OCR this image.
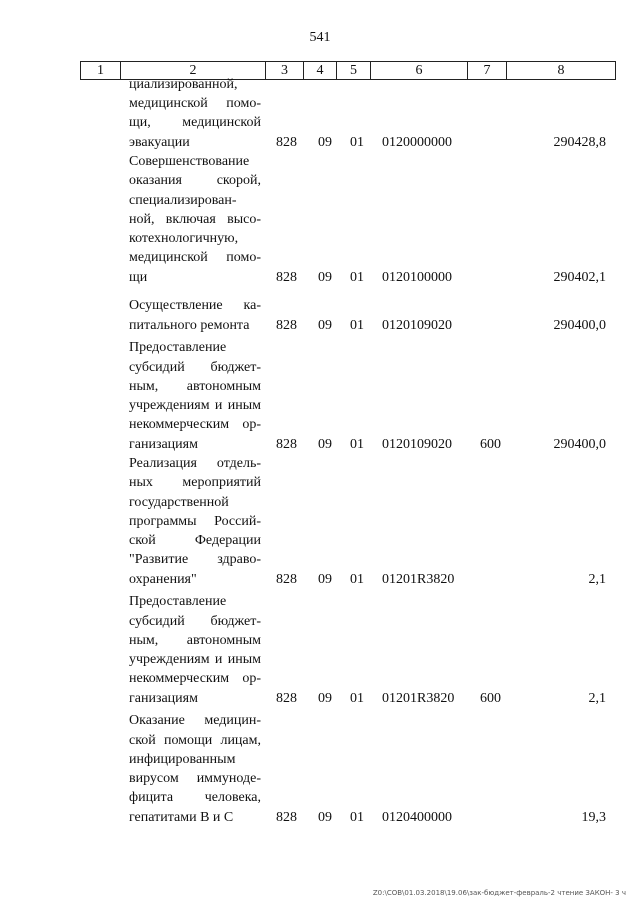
541
1	2	3	4	5	6	7	8
циализированной,
медицинской помо-
щи, медицинской
эвакуации	828 09 01 0120000000	290428,8
Совершенствование
оказания скорой,
специализирован-
ной, включая высо-
котехнологичную,
медицинской помо-
щи	828 09 01 0120100000	290402,1
Осуществление ка-
питального ремонта	828 09 01 0120109020	290400,0
Предоставление
субсидий бюджет-
ным, автономным
учреждениям и иным
некоммерческим ор-
ганизациям	828 09 01 0120109020 600	290400,0
Реализация отдель-
ных мероприятий
государственной
программы Россий-
ской Федерации
"Развитие здраво-
охранения"	828 09 01 01201R3820	2,1
Предоставление
субсидий бюджет-
ным, автономным
учреждениям и иным
некоммерческим ор-
ганизациям	828 09 01 01201R3820 600	2,1
Оказание медицин-
ской помощи лицам,
инфицированным
вирусом иммуноде-
фицита человека,
гепатитами В и С	828 09 01 0120400000	19,3
Z0:\СОВ\01.03.2018\19.06\зак-бюджет-февраль-2 чтение ЗАКОН- 3 ч
